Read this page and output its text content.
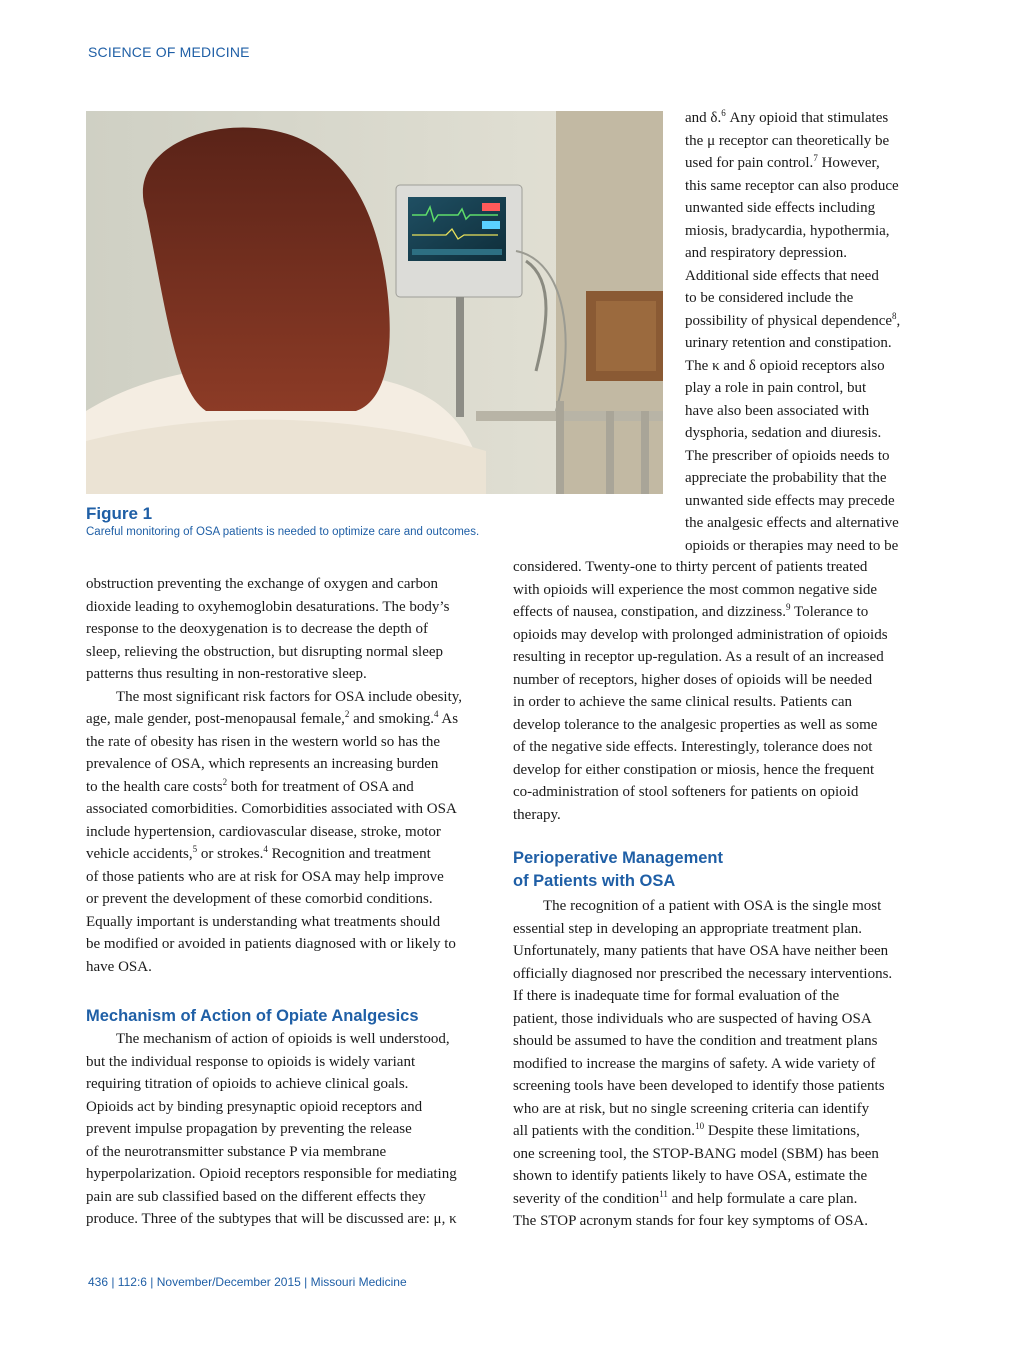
SCIENCE OF MEDICINE
Figure 1
Careful monitoring of OSA patients is needed to optimize care and outcomes.

and δ.$^6$ Any opioid that stimulates

the μ receptor can theoretically be

used for pain control.$^7$ However,

this same receptor can also produce

unwanted side effects including

miosis, bradycardia, hypothermia,

and respiratory depression.

Additional side effects that need

to be considered include the

possibility of physical dependence$^8$,

urinary retention and constipation.

The κ and δ opioid receptors also

play a role in pain control, but

have also been associated with

dysphoria, sedation and diuresis.

The prescriber of opioids needs to

appreciate the probability that the

unwanted side effects may precede

the analgesic effects and alternative

opioids or therapies may need to be

considered. Twenty-one to thirty percent of patients treated

with opioids will experience the most common negative side

effects of nausea, constipation, and dizziness.$^9$ Tolerance to

opioids may develop with prolonged administration of opioids

resulting in receptor up-regulation. As a result of an increased

number of receptors, higher doses of opioids will be needed

in order to achieve the same clinical results. Patients can

develop tolerance to the analgesic properties as well as some

of the negative side effects. Interestingly, tolerance does not

develop for either constipation or miosis, hence the frequent

co-administration of stool softeners for patients on opioid

therapy.

Perioperative Management
of Patients with OSA

The recognition of a patient with OSA is the single most

essential step in developing an appropriate treatment plan.

Unfortunately, many patients that have OSA have neither been

officially diagnosed nor prescribed the necessary interventions.

If there is inadequate time for formal evaluation of the

patient, those individuals who are suspected of having OSA

should be assumed to have the condition and treatment plans

modified to increase the margins of safety. A wide variety of

screening tools have been developed to identify those patients

who are at risk, but no single screening criteria can identify

all patients with the condition.$^{10}$ Despite these limitations,

one screening tool, the STOP-BANG model (SBM) has been

shown to identify patients likely to have OSA, estimate the

severity of the condition$^{11}$ and help formulate a care plan.

The STOP acronym stands for four key symptoms of OSA.

obstruction preventing the exchange of oxygen and carbon

dioxide leading to oxyhemoglobin desaturations. The body’s

response to the deoxygenation is to decrease the depth of

sleep, relieving the obstruction, but disrupting normal sleep

patterns thus resulting in non-restorative sleep.

The most significant risk factors for OSA include obesity,

age, male gender, post-menopausal female,$^2$ and smoking.$^4$ As

the rate of obesity has risen in the western world so has the

prevalence of OSA, which represents an increasing burden

to the health care costs$^2$ both for treatment of OSA and

associated comorbidities. Comorbidities associated with OSA

include hypertension, cardiovascular disease, stroke, motor

vehicle accidents,$^5$ or strokes.$^4$ Recognition and treatment

of those patients who are at risk for OSA may help improve

or prevent the development of these comorbid conditions.

Equally important is understanding what treatments should

be modified or avoided in patients diagnosed with or likely to

have OSA.

Mechanism of Action of Opiate Analgesics

The mechanism of action of opioids is well understood,

but the individual response to opioids is widely variant

requiring titration of opioids to achieve clinical goals.

Opioids act by binding presynaptic opioid receptors and

prevent impulse propagation by preventing the release

of the neurotransmitter substance P via membrane

hyperpolarization. Opioid receptors responsible for mediating

pain are sub classified based on the different effects they

produce. Three of the subtypes that will be discussed are: μ, κ

436 | 112:6 | November/December 2015 | Missouri Medicine
